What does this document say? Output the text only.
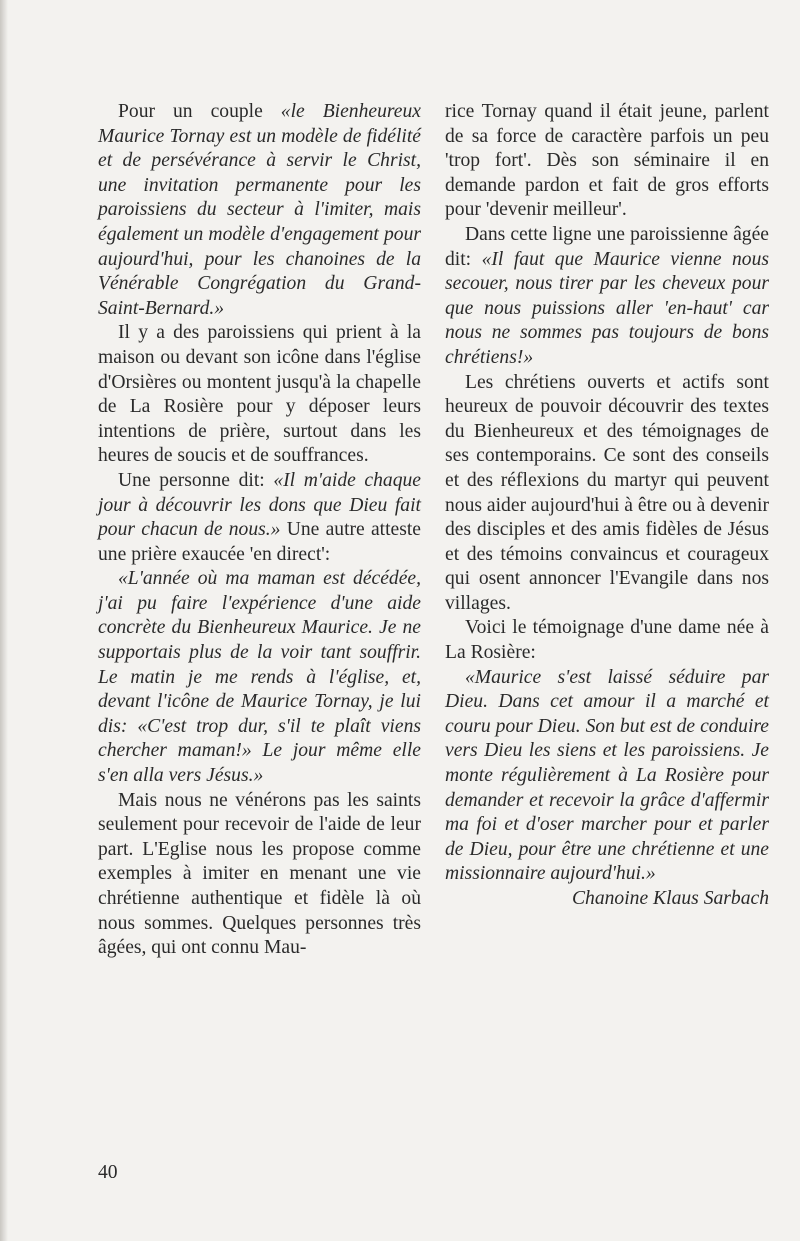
Pour un couple «le Bienheureux Maurice Tornay est un modèle de fidélité et de persévérance à servir le Christ, une invitation permanente pour les paroissiens du secteur à l'imiter, mais également un modèle d'engagement pour aujourd'hui, pour les chanoines de la Vénérable Congrégation du Grand-Saint-Bernard.»

Il y a des paroissiens qui prient à la maison ou devant son icône dans l'église d'Orsières ou montent jusqu'à la chapelle de La Rosière pour y déposer leurs intentions de prière, surtout dans les heures de soucis et de souffrances.

Une personne dit: «Il m'aide chaque jour à découvrir les dons que Dieu fait pour chacun de nous.» Une autre atteste une prière exaucée 'en direct':

«L'année où ma maman est décédée, j'ai pu faire l'expérience d'une aide concrète du Bienheureux Maurice. Je ne supportais plus de la voir tant souffrir. Le matin je me rends à l'église, et, devant l'icône de Maurice Tornay, je lui dis: «C'est trop dur, s'il te plaît viens chercher maman!» Le jour même elle s'en alla vers Jésus.»

Mais nous ne vénérons pas les saints seulement pour recevoir de l'aide de leur part. L'Eglise nous les propose comme exemples à imiter en menant une vie chrétienne authentique et fidèle là où nous sommes. Quelques personnes très âgées, qui ont connu Mau-

rice Tornay quand il était jeune, parlent de sa force de caractère parfois un peu 'trop fort'. Dès son séminaire il en demande pardon et fait de gros efforts pour 'devenir meilleur'.

Dans cette ligne une paroissienne âgée dit: «Il faut que Maurice vienne nous secouer, nous tirer par les cheveux pour que nous puissions aller 'en-haut' car nous ne sommes pas toujours de bons chrétiens!»

Les chrétiens ouverts et actifs sont heureux de pouvoir découvrir des textes du Bienheureux et des témoignages de ses contemporains. Ce sont des conseils et des réflexions du martyr qui peuvent nous aider aujourd'hui à être ou à devenir des disciples et des amis fidèles de Jésus et des témoins convaincus et courageux qui osent annoncer l'Evangile dans nos villages.

Voici le témoignage d'une dame née à La Rosière:

«Maurice s'est laissé séduire par Dieu. Dans cet amour il a marché et couru pour Dieu. Son but est de conduire vers Dieu les siens et les paroissiens. Je monte régulièrement à La Rosière pour demander et recevoir la grâce d'affermir ma foi et d'oser marcher pour et parler de Dieu, pour être une chrétienne et une missionnaire aujourd'hui.»

Chanoine Klaus Sarbach

40
